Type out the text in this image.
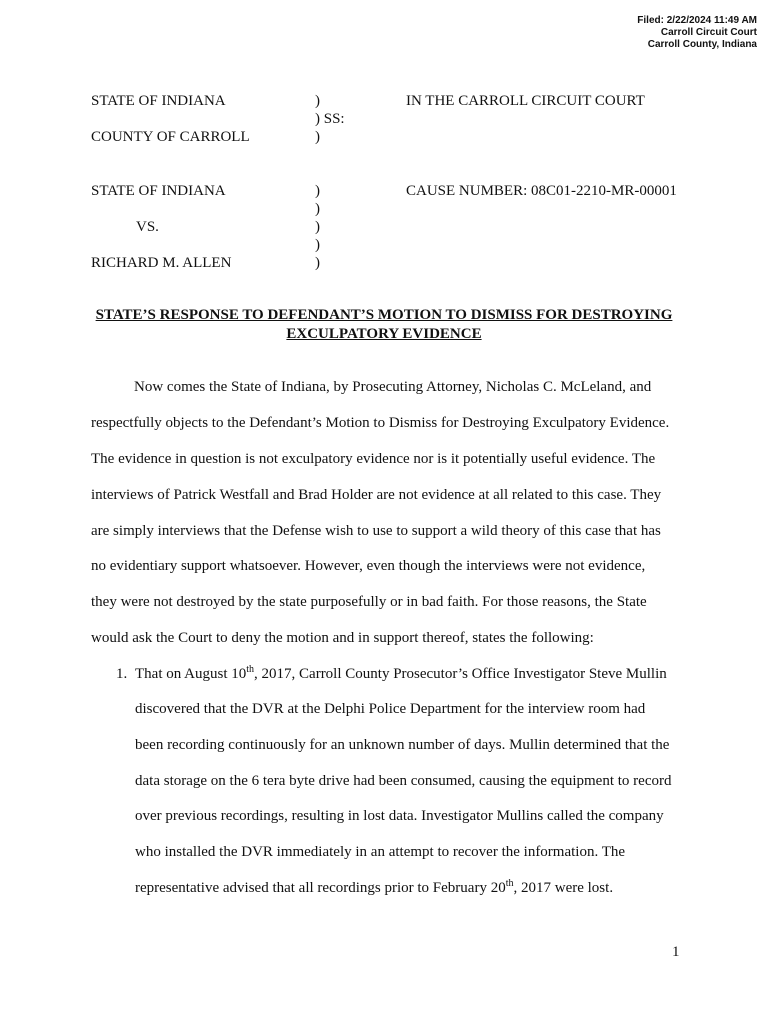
Filed: 2/22/2024 11:49 AM
Carroll Circuit Court
Carroll County, Indiana
STATE OF INDIANA	)	IN THE CARROLL CIRCUIT COURT
) SS:
COUNTY OF CARROLL	)
STATE OF INDIANA	)	CAUSE NUMBER: 08C01-2210-MR-00001
)
VS.	)
)
RICHARD M. ALLEN	)
STATE’S RESPONSE TO DEFENDANT’S MOTION TO DISMISS FOR DESTROYING
EXCULPATORY EVIDENCE
Now comes the State of Indiana, by Prosecuting Attorney, Nicholas C. McLeland, and
respectfully objects to the Defendant’s Motion to Dismiss for Destroying Exculpatory Evidence.
The evidence in question is not exculpatory evidence nor is it potentially useful evidence. The
interviews of Patrick Westfall and Brad Holder are not evidence at all related to this case. They
are simply interviews that the Defense wish to use to support a wild theory of this case that has
no evidentiary support whatsoever. However, even though the interviews were not evidence,
they were not destroyed by the state purposefully or in bad faith. For those reasons, the State
would ask the Court to deny the motion and in support thereof, states the following:
1. That on August 10th, 2017, Carroll County Prosecutor’s Office Investigator Steve Mullin
discovered that the DVR at the Delphi Police Department for the interview room had
been recording continuously for an unknown number of days. Mullin determined that the
data storage on the 6 tera byte drive had been consumed, causing the equipment to record
over previous recordings, resulting in lost data. Investigator Mullins called the company
who installed the DVR immediately in an attempt to recover the information. The
representative advised that all recordings prior to February 20th, 2017 were lost.
1
